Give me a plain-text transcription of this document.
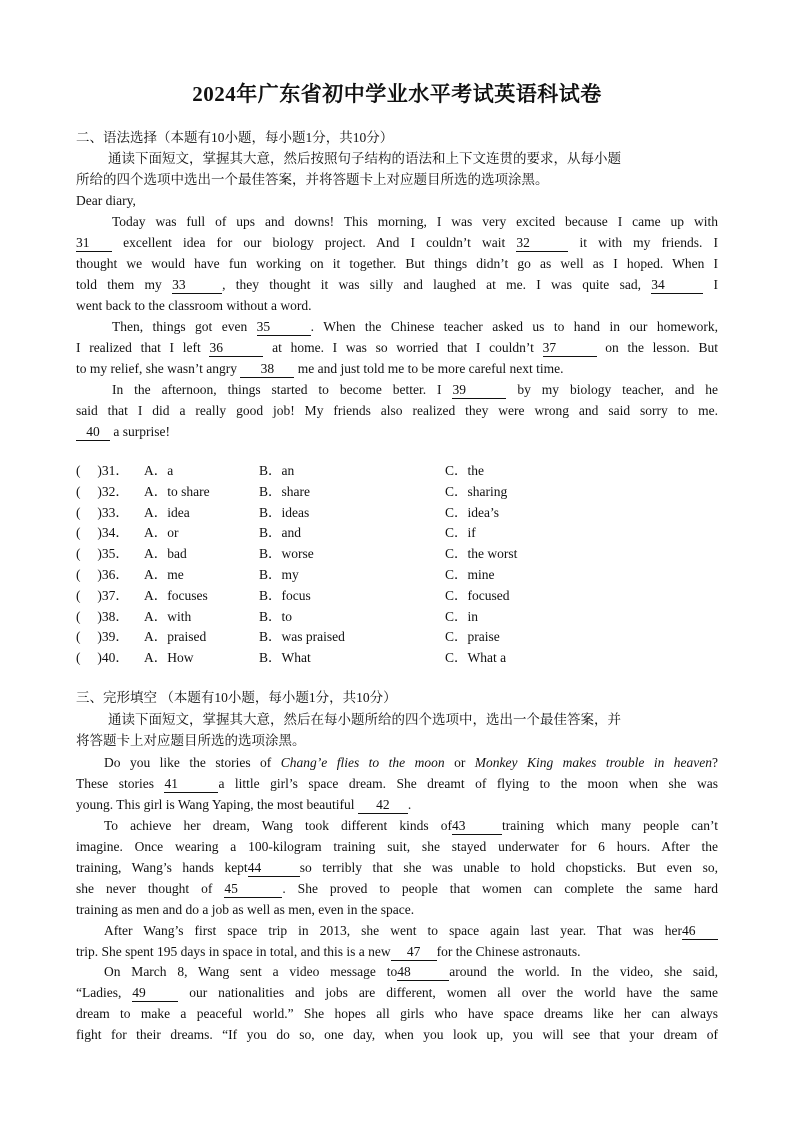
2024年广东省初中学业水平考试英语科试卷
二、语法选择（本题有10小题，每小题1分，共10分）
通读下面短文，掌握其大意，然后按照句子结构的语法和上下文连贯的要求，从每小题
所给的四个选项中选出一个最佳答案，并将答题卡上对应题目所选的选项涂黑。
Dear diary,
Today was full of ups and downs! This morning, I was very excited because I came up with
31 excellent idea for our biology project. And I couldn’t wait 32	it with my friends. I
thought we would have fun working on it together. But things didn’t go as well as I hoped. When I
told them my 33	, they thought it was silly and laughed at me. I was quite sad, 34	I
went back to the classroom without a word.
Then, things got even 35	. When the Chinese teacher asked us to hand in our homework,
I realized that I left 36	at home. I was so worried that I couldn’t 37	on the lesson. But
to my relief, she wasn’t angry 38 me and just told me to be more careful next time.
In the afternoon, things started to become better. I 39	by my biology teacher, and he
said that I did a really good job! My friends also realized they were wrong and said sorry to me.
40 a surprise!
(　 )31． A．a	B．an	C．the
(　 )32． A．to share	B．share	C．sharing
(　 )33． A．idea	B．ideas	C．idea’s
(　 )34． A．or	B．and	C．if
(　 )35． A．bad	B．worse	C．the worst
(　 )36． A．me	B．my	C．mine
(　 )37． A．focuses	B．focus	C．focused
(　 )38． A．with	B．to	C．in
(　 )39． A．praised	B．was praised	C．praise
(　 )40． A．How	B．What	C．What a
三、完形填空 （本题有10小题，每小题1分，共10分）
通读下面短文，掌握其大意，然后在每小题所给的四个选项中，选出一个最佳答案，并
将答题卡上对应题目所选的选项涂黑。
Do you like the stories of Chang’e flies to the moon or Monkey King makes trouble in heaven?
These stories 41	a little girl’s space dream. She dreamt of flying to the moon when she was
young. This girl is Wang Yaping, the most beautiful 42 .
To achieve her dream, Wang took different kinds of43	training which many people can’t
imagine. Once wearing a 100-kilogram training suit, she stayed underwater for 6 hours. After the
training, Wang’s hands kept44	so terribly that she was unable to hold chopsticks. But even so,
she never thought of 45	. She proved to people that women can complete the same hard
training as men and do a job as well as men, even in the space.
After Wang’s first space trip in 2013, she went to space again last year. That was her46
trip. She spent 195 days in space in total, and this is a new 47 for the Chinese astronauts.
On March 8, Wang sent a video message to48	around the world. In the video, she said,
“Ladies, 49	our nationalities and jobs are different, women all over the world have the same
dream to make a peaceful world.” She hopes all girls who have space dreams like her can always
fight for their dreams. “If you do so, one day, when you look up, you will see that your dream of
